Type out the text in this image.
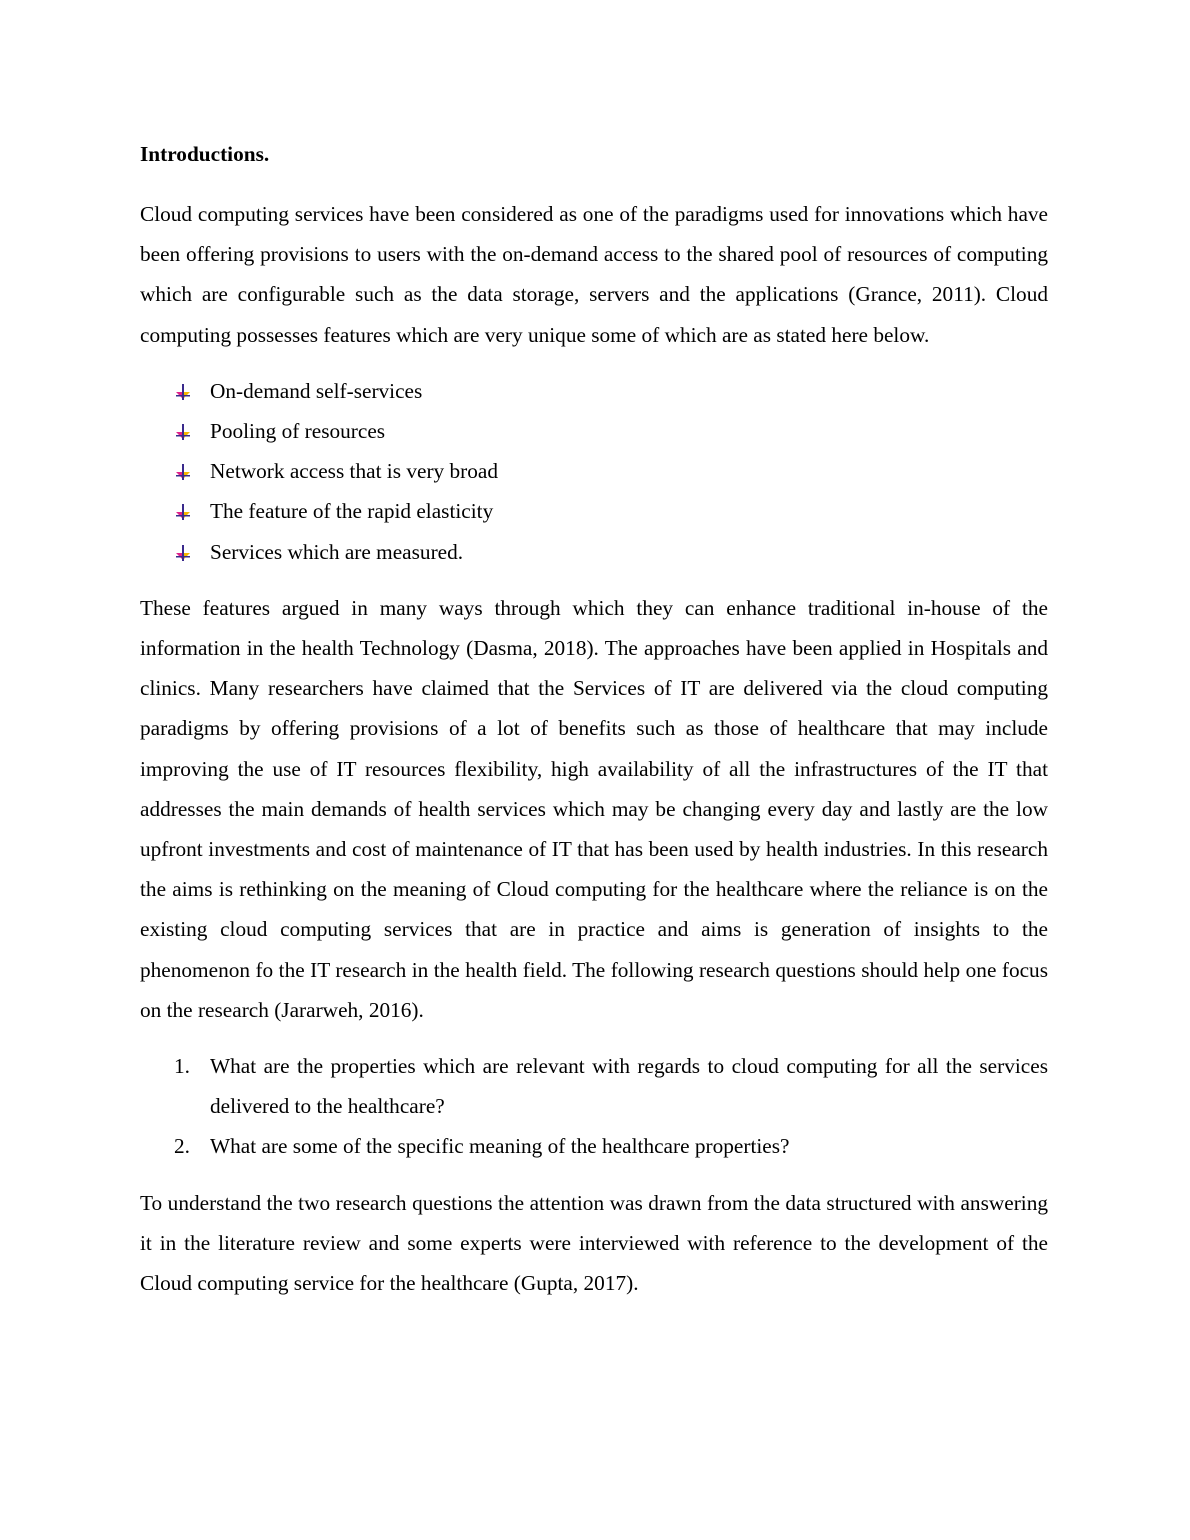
Introductions.

Cloud computing services have been considered as one of the paradigms used for innovations which have been offering provisions to users with the on-demand access to the shared pool of resources of computing which are configurable such as the data storage, servers and the applications (Grance, 2011). Cloud computing possesses features which are very unique some of which are as stated here below.

On-demand self-services
Pooling of resources
Network access that is very broad
The feature of the rapid elasticity
Services which are measured.

These features argued in many ways through which they can enhance traditional in-house of the information in the health Technology (Dasma, 2018). The approaches have been applied in Hospitals and clinics. Many researchers have claimed that the Services of IT are delivered via the cloud computing paradigms by offering provisions of a lot of benefits such as those of healthcare that may include improving the use of IT resources flexibility, high availability of all the infrastructures of the IT that addresses the main demands of health services which may be changing every day and lastly are the low upfront investments and cost of maintenance of IT that has been used by health industries. In this research the aims is rethinking on the meaning of Cloud computing for the healthcare where the reliance is on the existing cloud computing services that are in practice and aims is generation of insights to the phenomenon fo the IT research in the health field. The following research questions should help one focus on the research (Jararweh, 2016).

1. What are the properties which are relevant with regards to cloud computing for all the services delivered to the healthcare?
2. What are some of the specific meaning of the healthcare properties?

To understand the two research questions the attention was drawn from the data structured with answering it in the literature review and some experts were interviewed with reference to the development of the Cloud computing service for the healthcare (Gupta, 2017).
